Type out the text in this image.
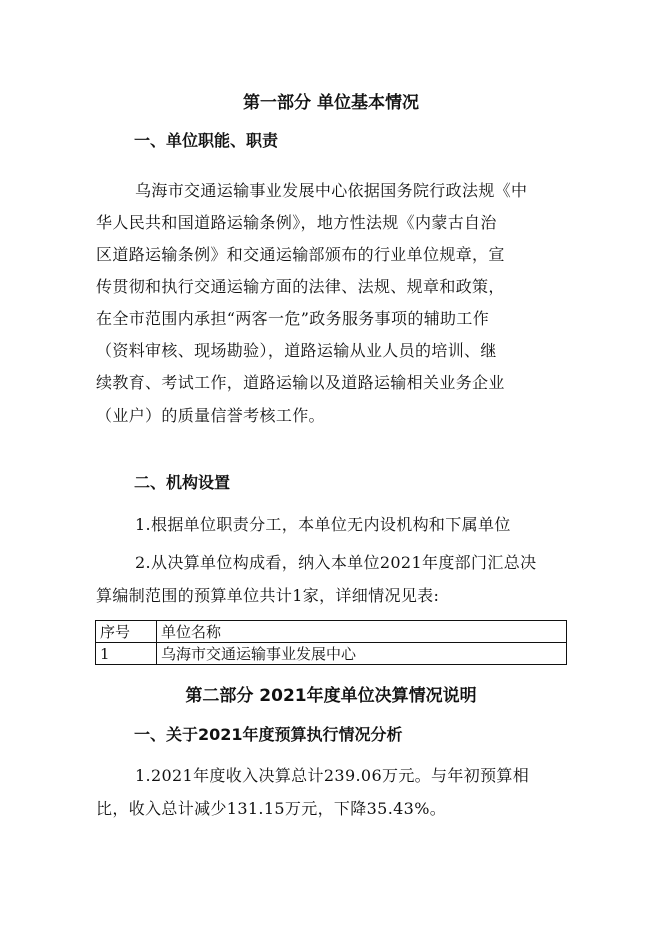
第一部分 单位基本情况
一、单位职能、职责
乌海市交通运输事业发展中心依据国务院行政法规《中
华人民共和国道路运输条例》，地方性法规《内蒙古自治
区道路运输条例》和交通运输部颁布的行业单位规章，宣
传贯彻和执行交通运输方面的法律、法规、规章和政策，
在全市范围内承担“两客一危”政务服务事项的辅助工作
（资料审核、现场勘验），道路运输从业人员的培训、继
续教育、考试工作，道路运输以及道路运输相关业务企业
（业户）的质量信誉考核工作。
二、机构设置
1.根据单位职责分工，本单位无内设机构和下属单位
2.从决算单位构成看，纳入本单位2021年度部门汇总决
算编制范围的预算单位共计1家，详细情况见表:
序号	单位名称
1	乌海市交通运输事业发展中心
第二部分 2021年度单位决算情况说明
一、关于2021年度预算执行情况分析
1.2021年度收入决算总计239.06万元。与年初预算相
比，收入总计减少131.15万元，下降35.43%。
